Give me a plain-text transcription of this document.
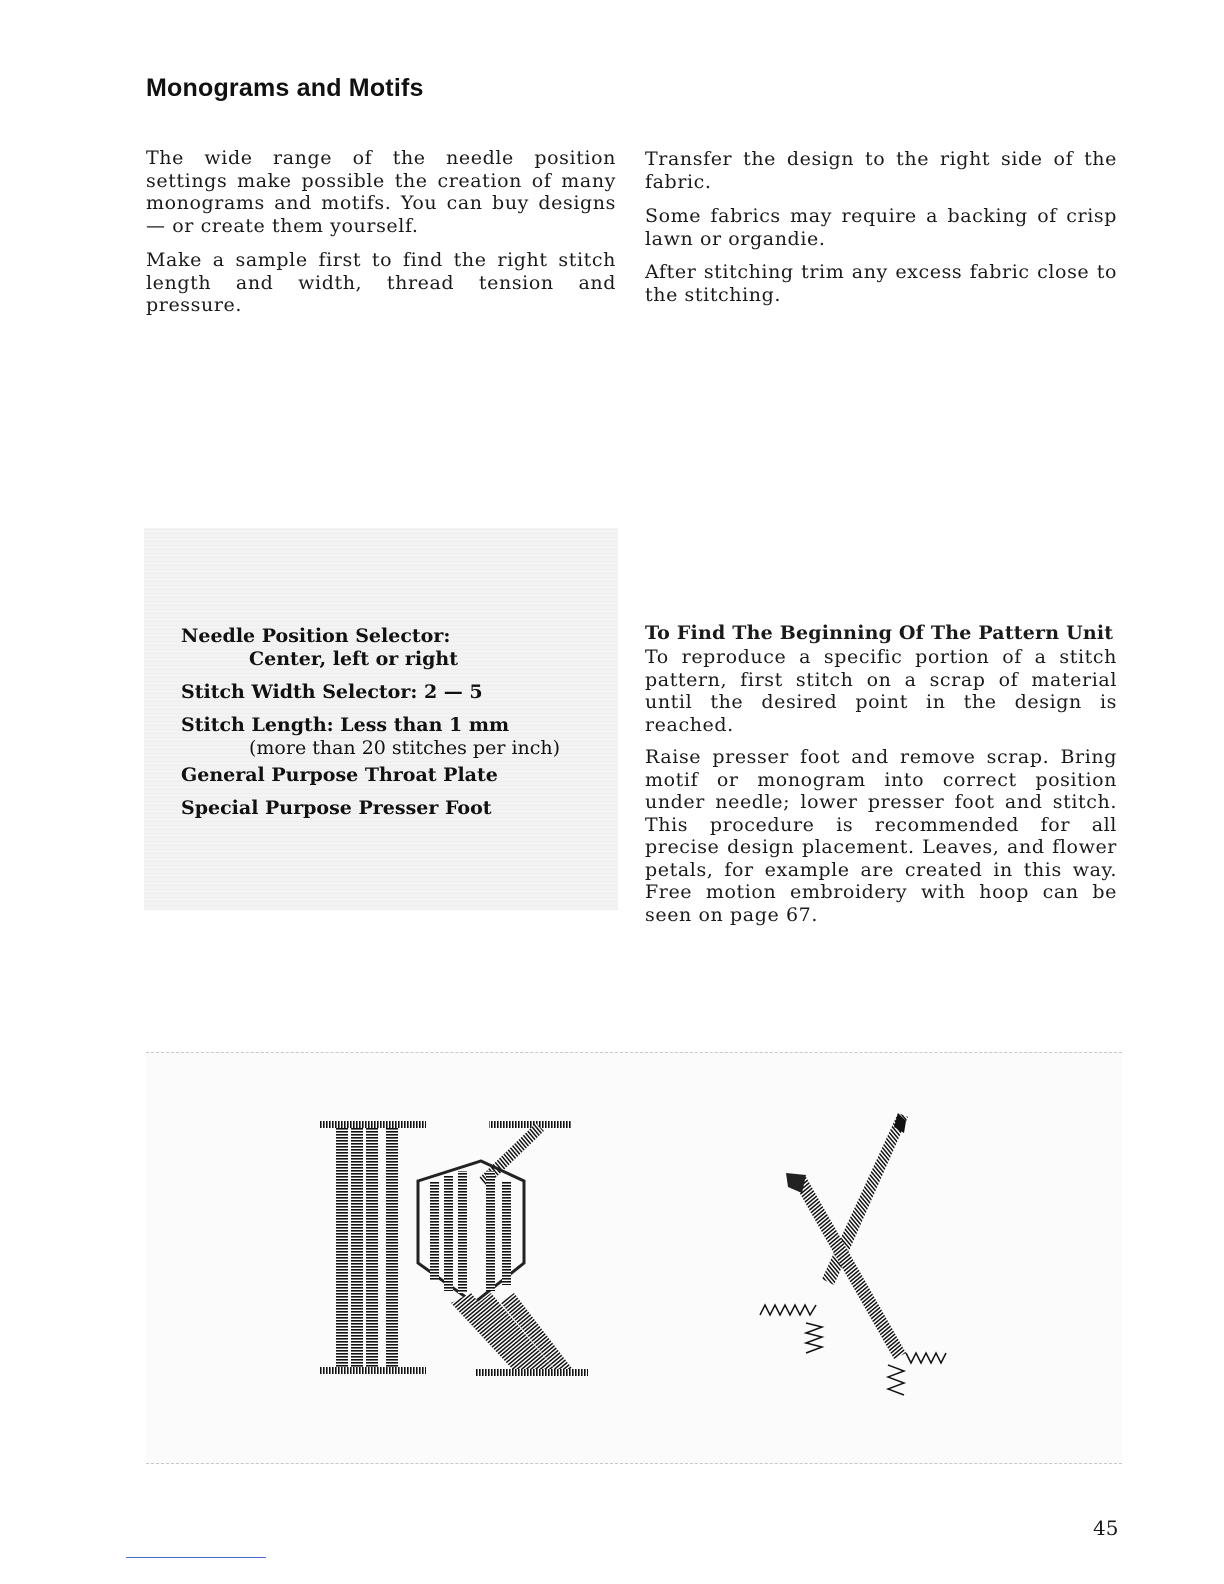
Monograms and Motifs

The wide range of the needle position settings make possible the creation of many monograms and motifs. You can buy designs — or create them yourself.

Make a sample first to find the right stitch length and width, thread tension and pressure.

Transfer the design to the right side of the fabric.

Some fabrics may require a backing of crisp lawn or organdie.

After stitching trim any excess fabric close to the stitching.

Needle Position Selector:
Center, left or right
Stitch Width Selector: 2 — 5
Stitch Length: Less than 1 mm
(more than 20 stitches per inch)
General Purpose Throat Plate
Special Purpose Presser Foot
To Find The Beginning Of The Pattern Unit

To reproduce a specific portion of a stitch pattern, first stitch on a scrap of material until the desired point in the design is reached.

Raise presser foot and remove scrap. Bring motif or monogram into correct position under needle; lower presser foot and stitch. This procedure is recommended for all precise design placement. Leaves, and flower petals, for example are created in this way. Free motion embroidery with hoop can be seen on page 67.

45
